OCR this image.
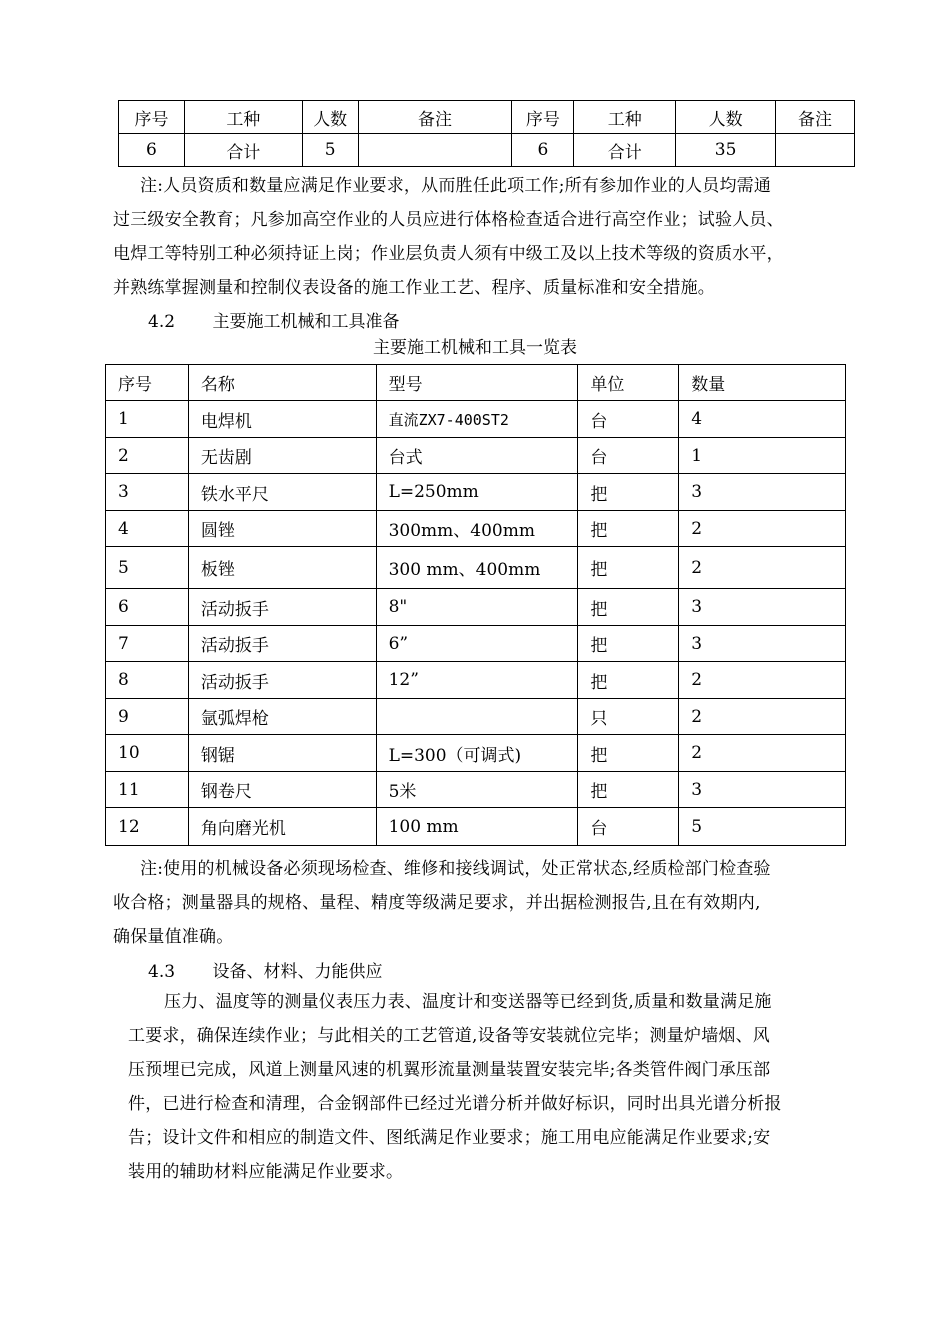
序号	工种	人数	备注	序号	工种	人数	备注
6	合计	5		6	合计	35	
注:人员资质和数量应满足作业要求，从而胜任此项工作;所有参加作业的人员均需通
过三级安全教育；凡参加高空作业的人员应进行体格检查适合进行高空作业；试验人员、
电焊工等特别工种必须持证上岗；作业层负责人须有中级工及以上技术等级的资质水平，
并熟练掌握测量和控制仪表设备的施工作业工艺、程序、质量标准和安全措施。
4.2 主要施工机械和工具准备
主要施工机械和工具一览表
序号	名称	型号	单位	数量
1	电焊机	直流ZX7-400ST2	台	4
2	无齿剧	台式	台	1
3	铁水平尺	L=250mm	把	3
4	圆锉	300mm、400mm	把	2
5	板锉	300 mm、400mm	把	2
6	活动扳手	8"	把	3
7	活动扳手	6”	把	3
8	活动扳手	12”	把	2
9	氩弧焊枪		只	2
10	钢锯	L=300（可调式)	把	2
11	钢卷尺	5米	把	3
12	角向磨光机	100 mm	台	5
注:使用的机械设备必须现场检查、维修和接线调试，处正常状态,经质检部门检查验
收合格；测量器具的规格、量程、精度等级满足要求，并出据检测报告,且在有效期内,
确保量值准确。
4.3 设备、材料、力能供应
压力、温度等的测量仪表压力表、温度计和变送器等已经到货,质量和数量满足施
工要求，确保连续作业；与此相关的工艺管道,设备等安装就位完毕；测量炉墙烟、风
压预埋已完成，风道上测量风速的机翼形流量测量装置安装完毕;各类管件阀门承压部
件，已进行检查和清理，合金钢部件已经过光谱分析并做好标识，同时出具光谱分析报
告；设计文件和相应的制造文件、图纸满足作业要求；施工用电应能满足作业要求;安
装用的辅助材料应能满足作业要求。
